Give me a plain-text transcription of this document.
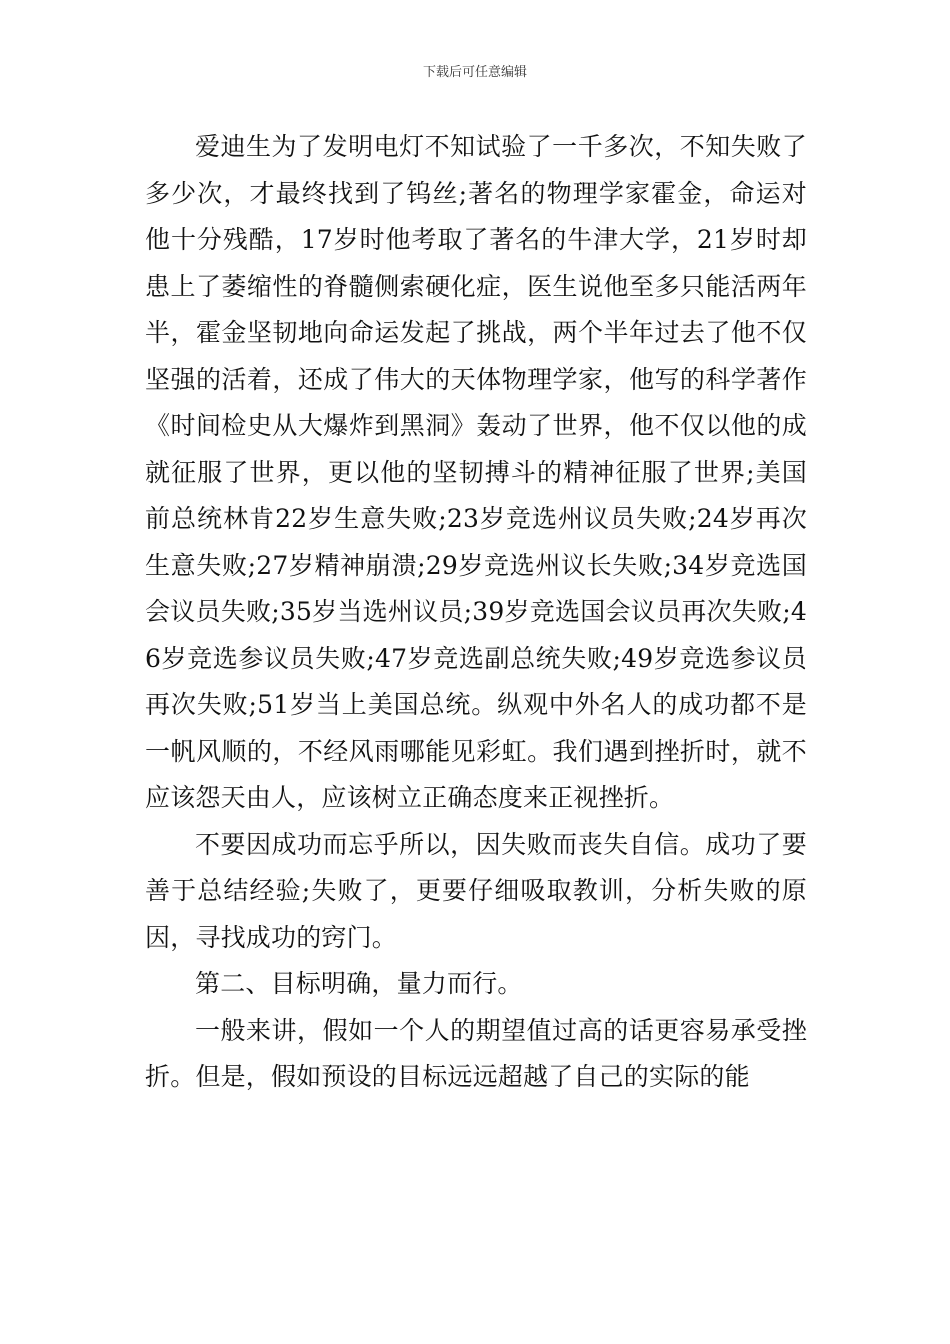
下载后可任意编辑

爱迪生为了发明电灯不知试验了一千多次，不知失败了多少次，才最终找到了钨丝;著名的物理学家霍金，命运对他十分残酷，17岁时他考取了著名的牛津大学，21岁时却患上了萎缩性的脊髓侧索硬化症，医生说他至多只能活两年半，霍金坚韧地向命运发起了挑战，两个半年过去了他不仅坚强的活着，还成了伟大的天体物理学家，他写的科学著作《时间检史从大爆炸到黑洞》轰动了世界，他不仅以他的成就征服了世界，更以他的坚韧搏斗的精神征服了世界;美国前总统林肯22岁生意失败;23岁竞选州议员失败;24岁再次生意失败;27岁精神崩溃;29岁竞选州议长失败;34岁竞选国会议员失败;35岁当选州议员;39岁竞选国会议员再次失败;46岁竞选参议员失败;47岁竞选副总统失败;49岁竞选参议员再次失败;51岁当上美国总统。纵观中外名人的成功都不是一帆风顺的，不经风雨哪能见彩虹。我们遇到挫折时，就不应该怨天由人，应该树立正确态度来正视挫折。

不要因成功而忘乎所以，因失败而丧失自信。成功了要善于总结经验;失败了，更要仔细吸取教训，分析失败的原因，寻找成功的窍门。

第二、目标明确，量力而行。

一般来讲，假如一个人的期望值过高的话更容易承受挫折。但是，假如预设的目标远远超越了自己的实际的能
